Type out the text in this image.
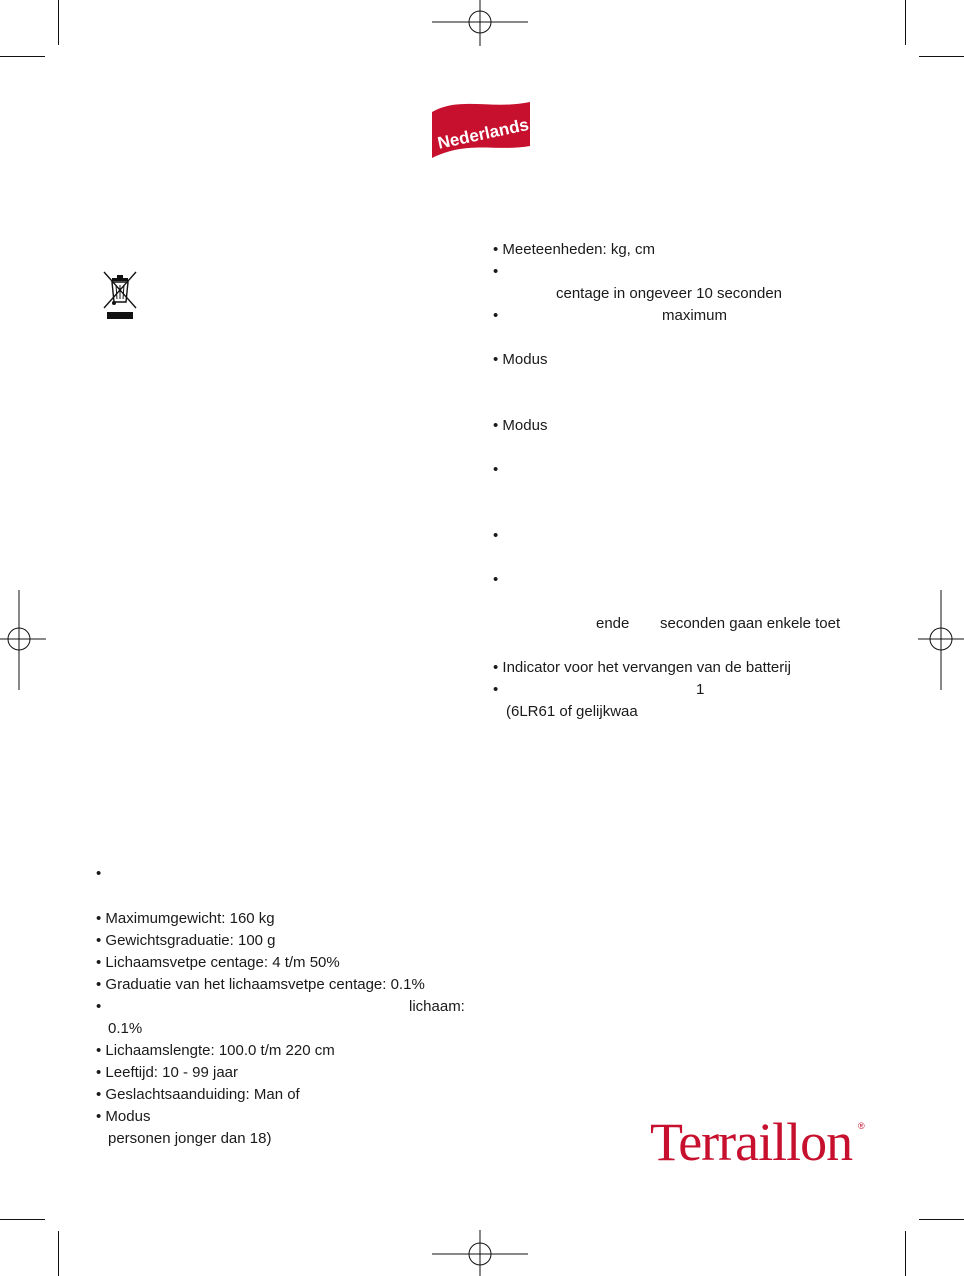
Nederlands
• Meeteenheden: kg, cm
•
centage in ongeveer 10 seconden
•	maximum
• Modus
• Modus
•
•
•
ende seconden gaan enkele toet
• Indicator voor het vervangen van de batterij
•	1
(6LR61 of gelijkwaa
•
• Maximumgewicht: 160 kg
• Gewichtsgraduatie: 100 g
• Lichaamsvetpe centage: 4 t/m 50%
• Graduatie van het lichaamsvetpe centage: 0.1%
•	lichaam:
0.1%
• Lichaamslengte: 100.0 t/m 220 cm
• Leeftijd: 10 - 99 jaar
• Geslachtsaanduiding: Man of
• Modus
personen jonger dan 18)	Terraillon ®
